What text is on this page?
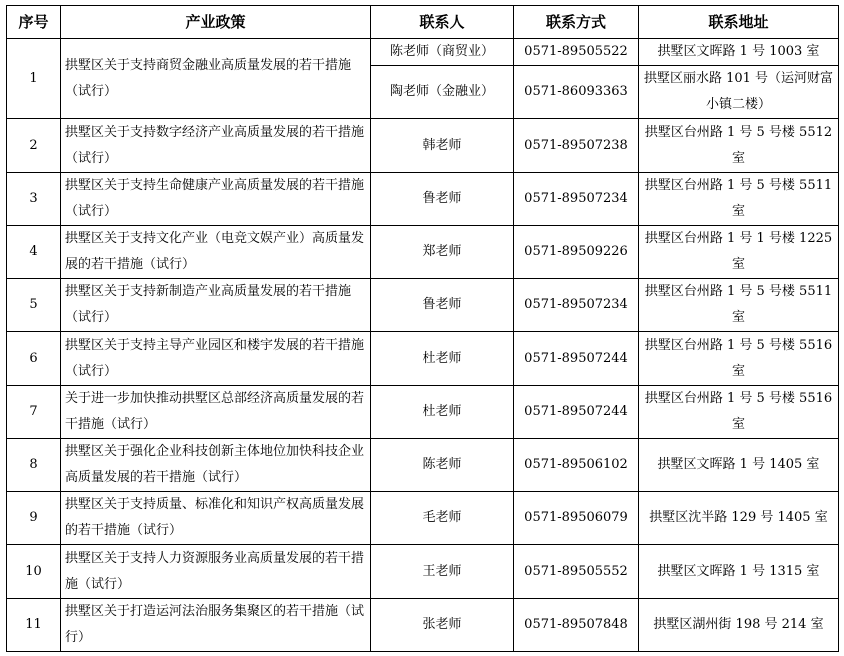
序号	产业政策	联系人	联系方式	联系地址
1	拱墅区关于支持商贸金融业高质量发展的若干措施（试行）	陈老师（商贸业）	0571-89505522	拱墅区文晖路 1 号 1003 室
		陶老师（金融业）	0571-86093363	拱墅区丽水路 101 号（运河财富小镇二楼）
2	拱墅区关于支持数字经济产业高质量发展的若干措施（试行）	韩老师	0571-89507238	拱墅区台州路 1 号 5 号楼 5512 室
3	拱墅区关于支持生命健康产业高质量发展的若干措施（试行）	鲁老师	0571-89507234	拱墅区台州路 1 号 5 号楼 5511 室
4	拱墅区关于支持文化产业（电竞文娱产业）高质量发展的若干措施（试行）	郑老师	0571-89509226	拱墅区台州路 1 号 1 号楼 1225 室
5	拱墅区关于支持新制造产业高质量发展的若干措施（试行）	鲁老师	0571-89507234	拱墅区台州路 1 号 5 号楼 5511 室
6	拱墅区关于支持主导产业园区和楼宇发展的若干措施（试行）	杜老师	0571-89507244	拱墅区台州路 1 号 5 号楼 5516 室
7	关于进一步加快推动拱墅区总部经济高质量发展的若干措施（试行）	杜老师	0571-89507244	拱墅区台州路 1 号 5 号楼 5516 室
8	拱墅区关于强化企业科技创新主体地位加快科技企业高质量发展的若干措施（试行）	陈老师	0571-89506102	拱墅区文晖路 1 号 1405 室
9	拱墅区关于支持质量、标准化和知识产权高质量发展的若干措施（试行）	毛老师	0571-89506079	拱墅区沈半路 129 号 1405 室
10	拱墅区关于支持人力资源服务业高质量发展的若干措施（试行）	王老师	0571-89505552	拱墅区文晖路 1 号 1315 室
11	拱墅区关于打造运河法治服务集聚区的若干措施（试行）	张老师	0571-89507848	拱墅区湖州街 198 号 214 室
